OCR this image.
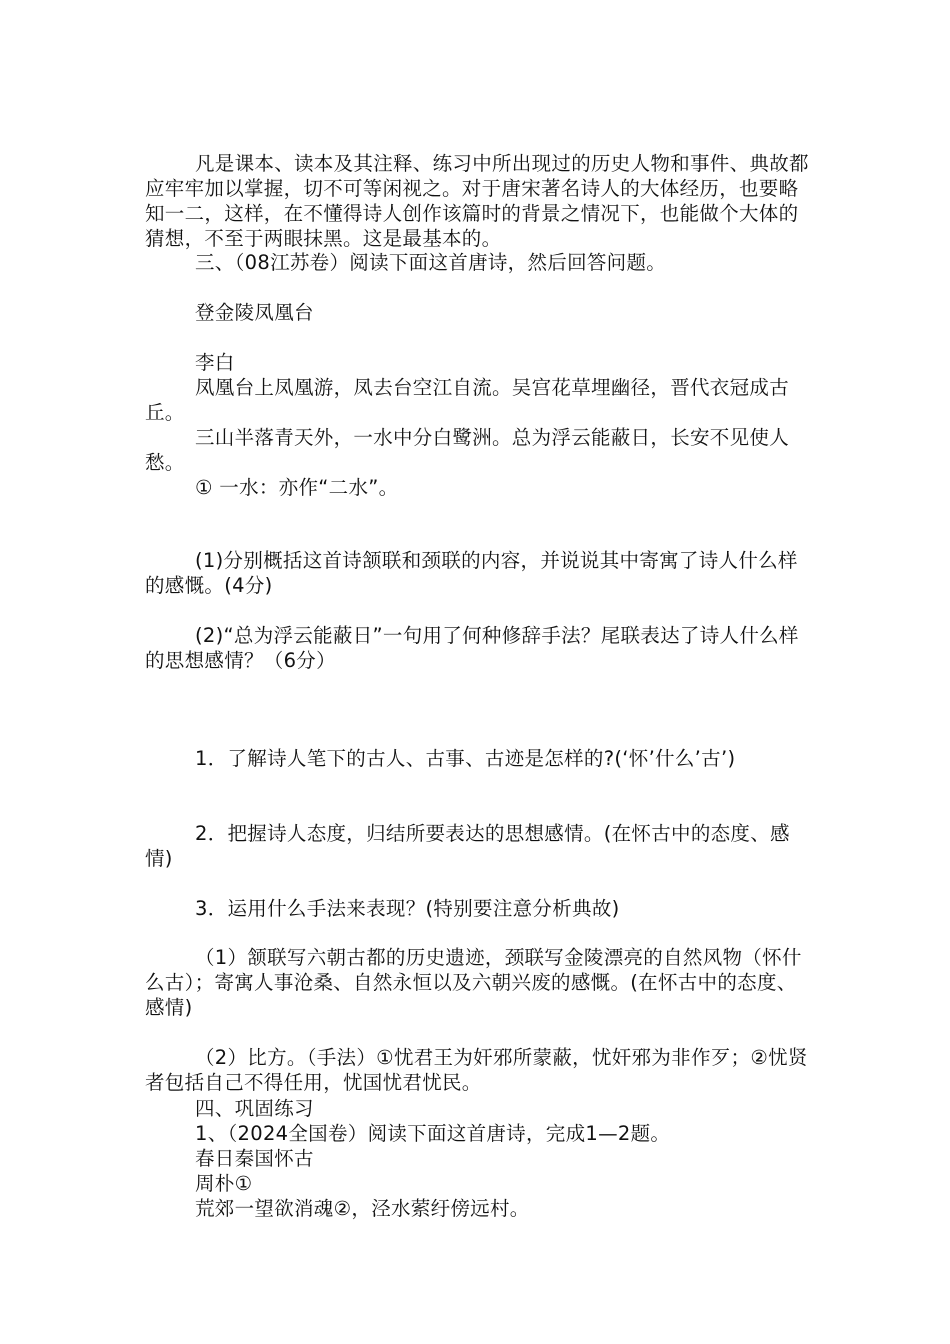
凡是课本、读本及其注释、练习中所出现过的历史人物和事件、典故都应牢牢加以掌握，切不可等闲视之。对于唐宋著名诗人的大体经历，也要略知一二，这样，在不懂得诗人创作该篇时的背景之情况下，也能做个大体的猜想，不至于两眼抹黑。这是最基本的。

三、（08江苏卷）阅读下面这首唐诗，然后回答问题。

登金陵凤凰台

李白

凤凰台上凤凰游，凤去台空江自流。吴宫花草埋幽径，晋代衣冠成古丘。

三山半落青天外，一水中分白鹭洲。总为浮云能蔽日，长安不见使人愁。

① 一水：亦作“二水”。

(1)分别概括这首诗颔联和颈联的内容，并说说其中寄寓了诗人什么样的感慨。(4分)

(2)“总为浮云能蔽日”一句用了何种修辞手法？尾联表达了诗人什么样的思想感情？（6分）

1．了解诗人笔下的古人、古事、古迹是怎样的?(‘怀’什么’古’)

2．把握诗人态度，归结所要表达的思想感情。(在怀古中的态度、感情)

3．运用什么手法来表现？(特别要注意分析典故)

（1）颔联写六朝古都的历史遗迹，颈联写金陵漂亮的自然风物（怀什么古）；寄寓人事沧桑、自然永恒以及六朝兴废的感慨。(在怀古中的态度、感情)

（2）比方。（手法）①忧君王为奸邪所蒙蔽，忧奸邪为非作歹；②忧贤者包括自己不得任用，忧国忧君忧民。

四、巩固练习

1、（2024全国卷）阅读下面这首唐诗，完成1—2题。

春日秦国怀古

周朴①

荒郊一望欲消魂②，泾水萦纡傍远村。
